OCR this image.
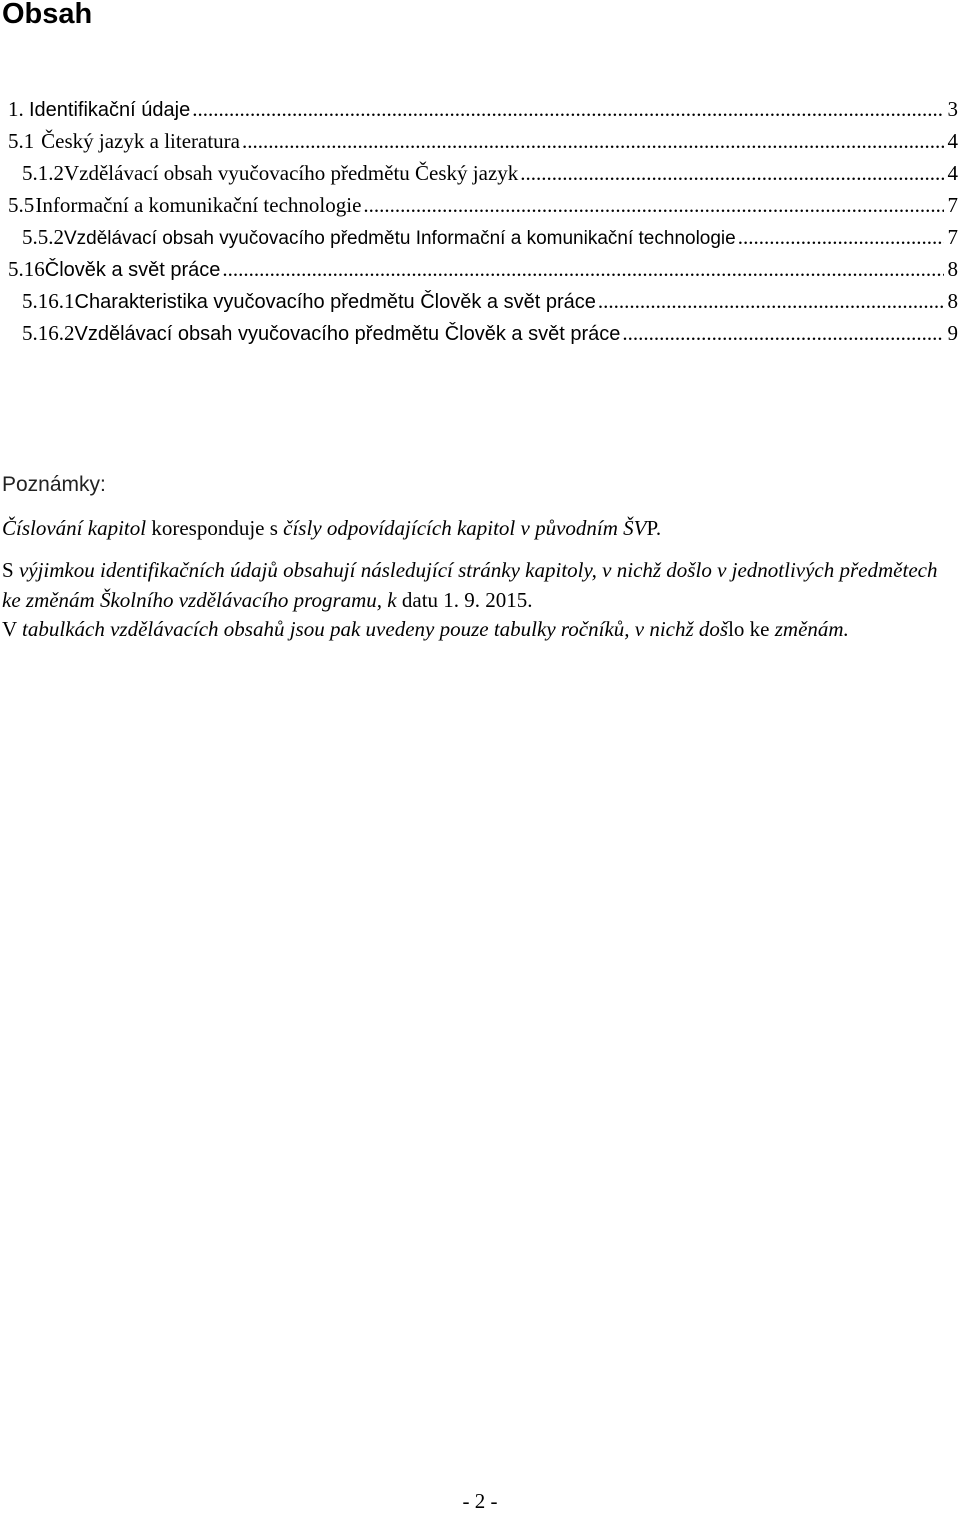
Obsah
1. Identifikační údaje .....	3
5.1 Český jazyk a literatura .....	4
5.1.2 Vzdělávací obsah vyučovacího předmětu Český jazyk .....	4
5.5 Informační a komunikační technologie .....	7
5.5.2 Vzdělávací obsah vyučovacího předmětu Informační a komunikační technologie .....	7
5.16 Člověk a svět práce .....	8
5.16.1 Charakteristika vyučovacího předmětu Člověk a svět práce .....	8
5.16.2 Vzdělávací obsah vyučovacího předmětu Člověk a svět práce .....	9
Poznámky:

Číslování kapitol koresponduje s čísly odpovídajících kapitol v původním ŠVP.

S výjimkou identifikačních údajů obsahují následující stránky kapitoly, v nichž došlo v jednotlivých předmětech ke změnám Školního vzdělávacího programu, k datu 1. 9. 2015.

V tabulkách vzdělávacích obsahů jsou pak uvedeny pouze tabulky ročníků, v nichž došlo ke změnám.

- 2 -
